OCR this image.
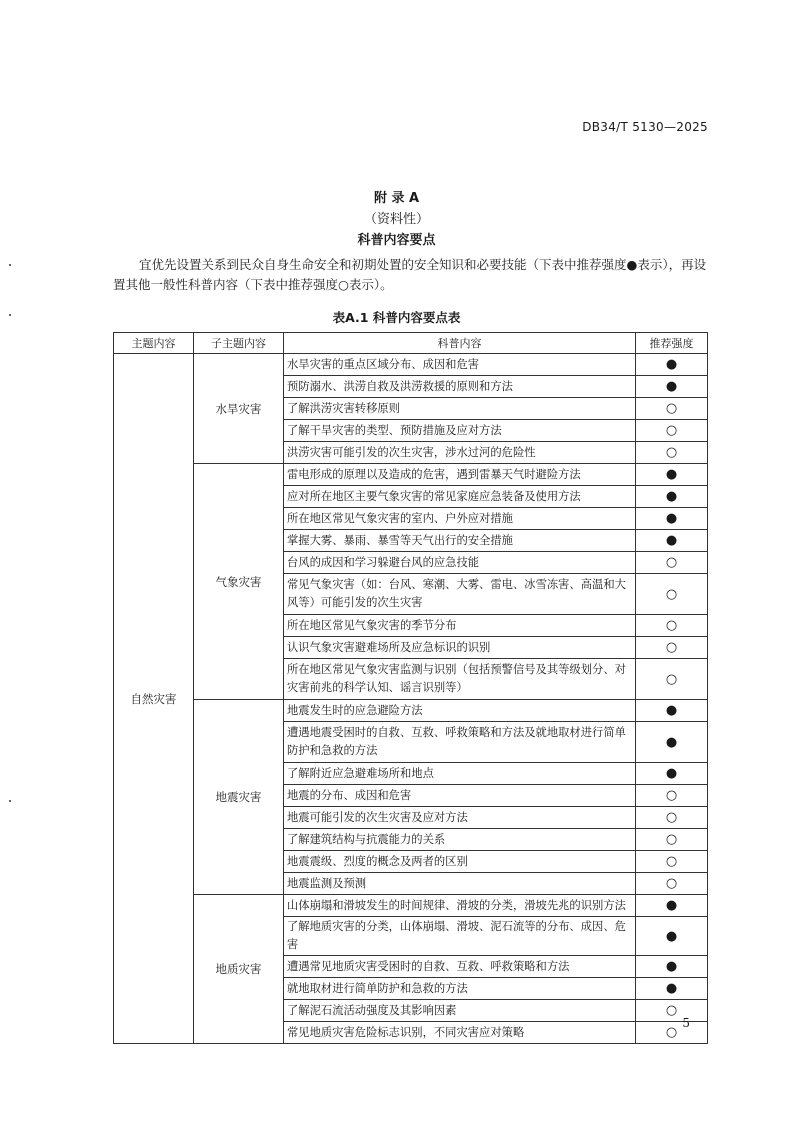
DB34/T 5130—2025
附 录 A
（资料性）
科普内容要点
宜优先设置关系到民众自身生命安全和初期处置的安全知识和必要技能（下表中推荐强度●表示），再设置其他一般性科普内容（下表中推荐强度○表示）。
表A.1 科普内容要点表
主题内容	子主题内容	科普内容	推荐强度
自然灾害	水旱灾害	水旱灾害的重点区域分布、成因和危害	●
		预防溺水、洪涝自救及洪涝救援的原则和方法	●
		了解洪涝灾害转移原则	○
		了解干旱灾害的类型、预防措施及应对方法	○
		洪涝灾害可能引发的次生灾害，涉水过河的危险性	○
	气象灾害	雷电形成的原理以及造成的危害，遇到雷暴天气时避险方法	●
		应对所在地区主要气象灾害的常见家庭应急装备及使用方法	●
		所在地区常见气象灾害的室内、户外应对措施	●
		掌握大雾、暴雨、暴雪等天气出行的安全措施	●
		台风的成因和学习躲避台风的应急技能	○
		常见气象灾害（如：台风、寒潮、大雾、雷电、冰雪冻害、高温和大风等）可能引发的次生灾害	○
		所在地区常见气象灾害的季节分布	○
		认识气象灾害避难场所及应急标识的识别	○
		所在地区常见气象灾害监测与识别（包括预警信号及其等级划分、对灾害前兆的科学认知、谣言识别等）	○
	地震灾害	地震发生时的应急避险方法	●
		遭遇地震受困时的自救、互救、呼救策略和方法及就地取材进行简单防护和急救的方法	●
		了解附近应急避难场所和地点	●
		地震的分布、成因和危害	○
		地震可能引发的次生灾害及应对方法	○
		了解建筑结构与抗震能力的关系	○
		地震震级、烈度的概念及两者的区别	○
		地震监测及预测	○
	地质灾害	山体崩塌和滑坡发生的时间规律、滑坡的分类，滑坡先兆的识别方法	●
		了解地质灾害的分类，山体崩塌、滑坡、泥石流等的分布、成因、危害	●
		遭遇常见地质灾害受困时的自救、互救、呼救策略和方法	●
		就地取材进行简单防护和急救的方法	●
		了解泥石流活动强度及其影响因素	○
		常见地质灾害危险标志识别，不同灾害应对策略	○
5
